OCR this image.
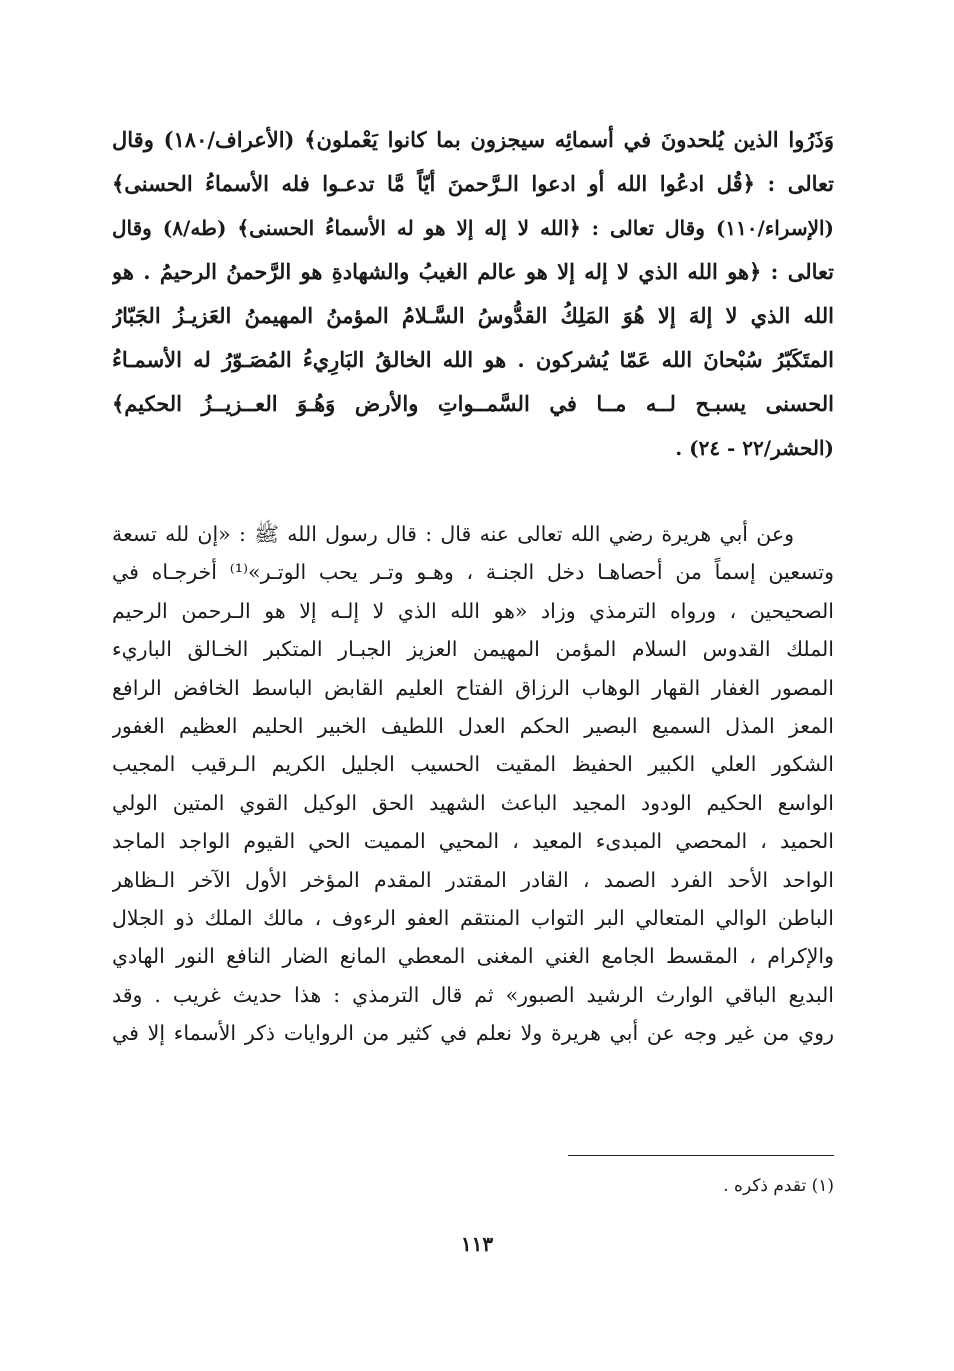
وَذَرُوا الذين يُلحدونَ في أسمائِه سيجزون بما كانوا يَعْملون﴾ (الأعراف/١٨٠) وقال
تعالى : ﴿قُل ادعُوا الله أو ادعوا الـرَّحمنَ أيّاً مَّا تدعـوا فله الأسماءُ الحسنى﴾
(الإسراء/١١٠) وقال تعالى : ﴿الله لا إله إلا هو له الأسماءُ الحسنى﴾ (طه/٨) وقال
تعالى : ﴿هو الله الذي لا إله إلا هو عالم الغيبُ والشهادةِ هو الرَّحمنُ الرحيمُ . هو
الله الذي لا إلهَ إلا هُوَ المَلِكُ القدُّوسُ السَّـلامُ المؤمنُ المهيمنُ العَزيـزُ الجَبّارُ
المتَكَبّرُ سُبْحانَ الله عَمّا يُشركون . هو الله الخالقُ البَارِيءُ المُصَـوّرُ له الأسمـاءُ
الحسنى يسبـح لــه مــا في السَّمــواتِ والأرض وَهُـوَ العــزيــزُ الحكيم﴾
(الحشر/٢٢ - ٢٤) .
وعن أبي هريرة رضي الله تعالى عنه قال : قال رسول الله ﷺ : «إن لله تسعة
وتسعين إسماً من أحصاهـا دخل الجنـة ، وهـو وتـر يحب الوتـر»⁽¹⁾ أخرجـاه في
الصحيحين ، ورواه الترمذي وزاد «هو الله الذي لا إلـه إلا هو الـرحمن الرحيم
الملك القدوس السلام المؤمن المهيمن العزيز الجبـار المتكبر الخـالق الباريء
المصور الغفار القهار الوهاب الرزاق الفتاح العليم القابض الباسط الخافض الرافع
المعز المذل السميع البصير الحكم العدل اللطيف الخبير الحليم العظيم الغفور
الشكور العلي الكبير الحفيظ المقيت الحسيب الجليل الكريم الـرقيب المجيب
الواسع الحكيم الودود المجيد الباعث الشهيد الحق الوكيل القوي المتين الولي
الحميد ، المحصي المبدىء المعيد ، المحيي المميت الحي القيوم الواجد الماجد
الواحد الأحد الفرد الصمد ، القادر المقتدر المقدم المؤخر الأول الآخر الـظاهر
الباطن الوالي المتعالي البر التواب المنتقم العفو الرءوف ، مالك الملك ذو الجلال
والإكرام ، المقسط الجامع الغني المغنى المعطي المانع الضار النافع النور الهادي
البديع الباقي الوارث الرشيد الصبور» ثم قال الترمذي : هذا حديث غريب . وقد
روي من غير وجه عن أبي هريرة ولا نعلم في كثير من الروايات ذكر الأسماء إلا في
(١) تقدم ذكره .
١١٣
